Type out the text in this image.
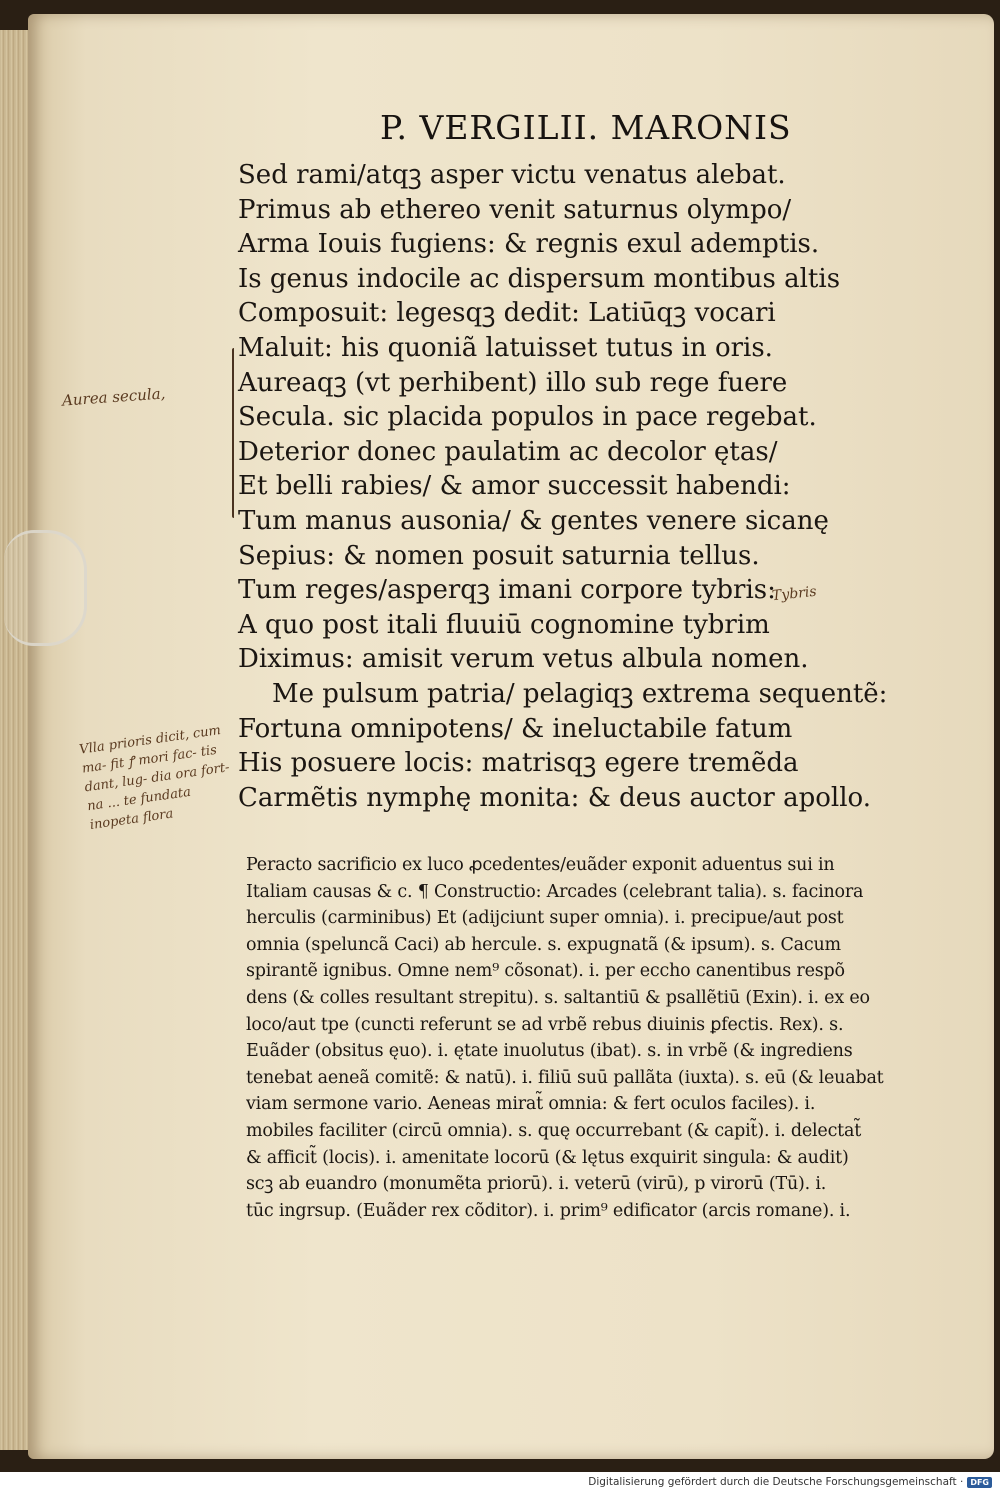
P. VERGILII. MARONIS
Sed rami/atqꝫ asper victu venatus alebat.
Primus ab ethereo venit saturnus olympo/
Arma Iouis fugiens: & regnis exul ademptis.
Is genus indocile ac dispersum montibus altis
Composuit: legesqꝫ dedit: Latiūqꝫ vocari
Maluit: his quoniã latuisset tutus in oris.
Aureaqꝫ (vt perhibent) illo sub rege fuere
Secula. sic placida populos in pace regebat.
Deterior donec paulatim ac decolor ętas/
Et belli rabies/ & amor successit habendi:
Tum manus ausonia/ & gentes venere sicanę
Sepius: & nomen posuit saturnia tellus.
Tum reges/asperqꝫ imani corpore tybris:
A quo post itali fluuiū cognomine tybrim
Diximus: amisit verum vetus albula nomen.
Me pulsum patria/ pelagiqꝫ extrema sequentẽ:
Fortuna omnipotens/ & ineluctabile fatum
His posuere locis: matrisqꝫ egere tremẽda
Carmẽtis nymphę monita: & deus auctor apollo.
Peracto sacrificio ex luco ꝓcedentes/euãder exponit aduentus sui in
Italiam causas & c. ¶ Constructio: Arcades (celebrant talia). s. facinora
herculis (carminibus) Et (adijciunt super omnia). i. precipue/aut post
omnia (speluncã Caci) ab hercule. s. expugnatã (& ipsum). s. Cacum
spirantẽ ignibus. Omne nem⁹ cõsonat). i. per eccho canentibus respõ
dens (& colles resultant strepitu). s. saltantiū & psallẽtiū (Exin). i. ex eo
loco/aut tpe (cuncti referunt se ad vrbẽ rebus diuinis ꝑfectis. Rex). s.
Euãder (obsitus ęuo). i. ętate inuolutus (ibat). s. in vrbẽ (& ingrediens
tenebat aeneã comitẽ: & natū). i. filiū suū pallãta (iuxta). s. eū (& leuabat
viam sermone vario. Aeneas mirat̃ omnia: & fert oculos faciles). i.
mobiles faciliter (circū omnia). s. quę occurrebant (& capit̃). i. delectat̃
& afficit̃ (locis). i. amenitate locorū (& lętus exquirit singula: & audit)
scꝫ ab euandro (monumẽta priorū). i. veterū (virū), p virorū (Tū). i.
tūc ingrsup. (Euãder rex cõditor). i. prim⁹ edificator (arcis romane). i.
Aurea secula,
Vlla prioris dicit, cum ma- fit ꝭ mori fac- tis dant, lug- dia ora fort- na ... te fundata inopeta flora
Tybris
Digitalisierung gefördert durch die Deutsche Forschungsgemeinschaft · DFG
